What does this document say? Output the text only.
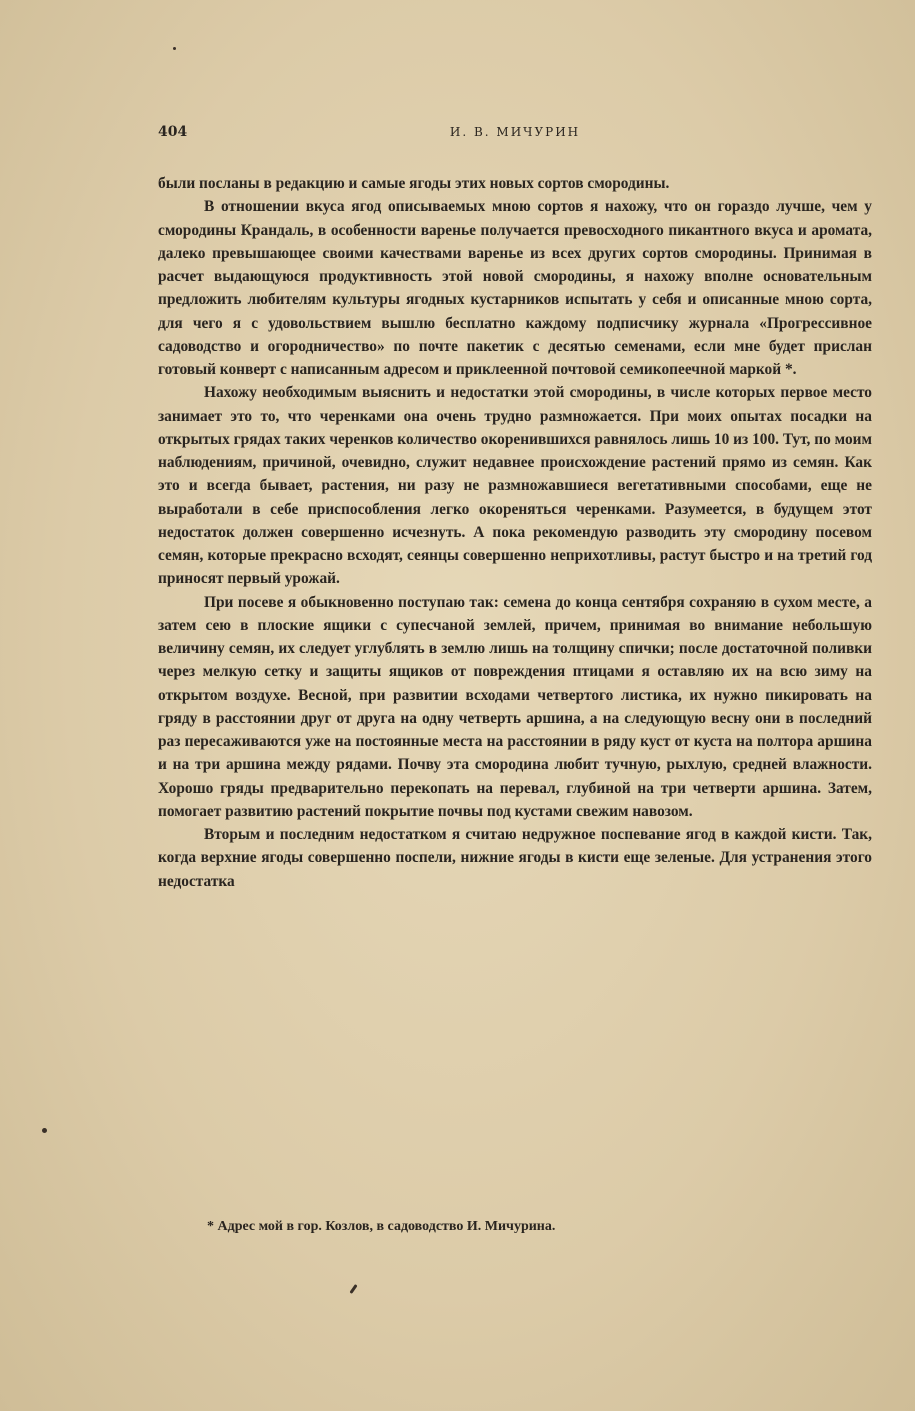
404	И. В. МИЧУРИН

были посланы в редакцию и самые ягоды этих новых сортов смородины.

В отношении вкуса ягод описываемых мною сортов я нахожу, что он гораздо лучше, чем у смородины Крандаль, в особенности варенье получается превосходного пикантного вкуса и аромата, далеко превышающее своими качествами варенье из всех других сортов смородины. Принимая в расчет выдающуюся продуктивность этой новой смородины, я нахожу вполне основательным предложить любителям культуры ягодных кустарников испытать у себя и описанные мною сорта, для чего я с удовольствием вышлю бесплатно каждому подписчику журнала «Прогрессивное садоводство и огородничество» по почте пакетик с десятью семенами, если мне будет прислан готовый конверт с написанным адресом и приклеенной почтовой семикопеечной маркой *.

Нахожу необходимым выяснить и недостатки этой смородины, в числе которых первое место занимает это то, что черенками она очень трудно размножается. При моих опытах посадки на открытых грядах таких черенков количество окоренившихся равнялось лишь 10 из 100. Тут, по моим наблюдениям, причиной, очевидно, служит недавнее происхождение растений прямо из семян. Как это и всегда бывает, растения, ни разу не размножавшиеся вегетативными способами, еще не выработали в себе приспособления легко окореняться черенками. Разумеется, в будущем этот недостаток должен совершенно исчезнуть. А пока рекомендую разводить эту смородину посевом семян, которые прекрасно всходят, сеянцы совершенно неприхотливы, растут быстро и на третий год приносят первый урожай.

При посеве я обыкновенно поступаю так: семена до конца сентября сохраняю в сухом месте, а затем сею в плоские ящики с супесчаной землей, причем, принимая во внимание небольшую величину семян, их следует углублять в землю лишь на толщину спички; после достаточной поливки через мелкую сетку и защиты ящиков от повреждения птицами я оставляю их на всю зиму на открытом воздухе. Весной, при развитии всходами четвертого листика, их нужно пикировать на гряду в расстоянии друг от друга на одну четверть аршина, а на следующую весну они в последний раз пересаживаются уже на постоянные места на расстоянии в ряду куст от куста на полтора аршина и на три аршина между рядами. Почву эта смородина любит тучную, рыхлую, средней влажности. Хорошо гряды предварительно перекопать на перевал, глубиной на три четверти аршина. Затем, помогает развитию растений покрытие почвы под кустами свежим навозом.

Вторым и последним недостатком я считаю недружное поспевание ягод в каждой кисти. Так, когда верхние ягоды совершенно поспели, нижние ягоды в кисти еще зеленые. Для устранения этого недостатка

* Адрес мой в гор. Козлов, в садоводство И. Мичурина.
